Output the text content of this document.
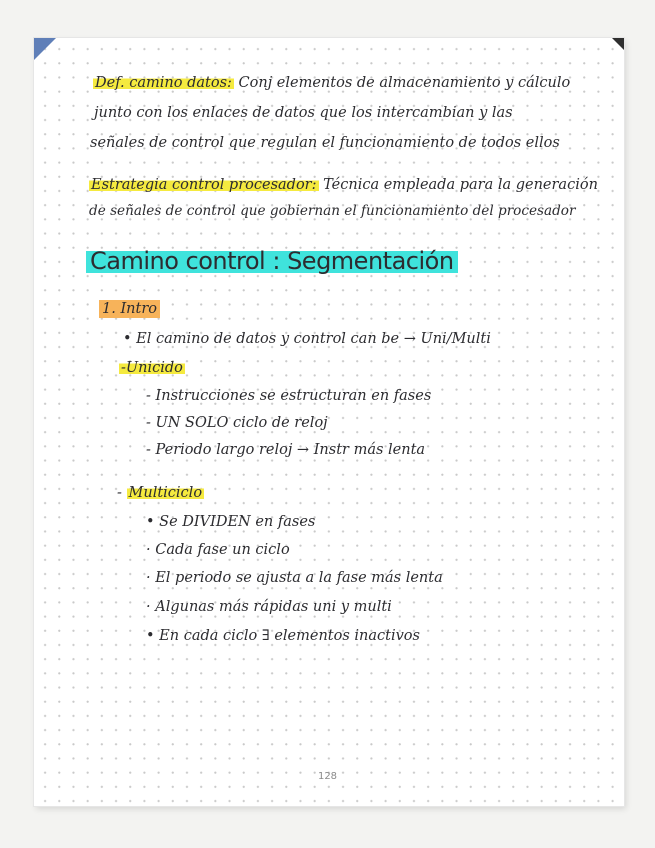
Def. camino datos: Conj elementos de almacenamiento y cálculo
junto con los enlaces de datos que los intercambian y las
señales de control que regulan el funcionamiento de todos ellos
Estrategia control procesador: Técnica empleada para la generación
de señales de control que gobiernan el funcionamiento del procesador
Camino control : Segmentación
1. Intro
• El camino de datos y control can be → Uni/Multi
-Unicido
- Instrucciones se estructuran en fases
- UN SOLO ciclo de reloj
- Periodo largo reloj → Instr más lenta
- Multiciclo
• Se DIVIDEN en fases
· Cada fase un ciclo
· El periodo se ajusta a la fase más lenta
· Algunas más rápidas uni y multi
• En cada ciclo ∃ elementos inactivos
128
